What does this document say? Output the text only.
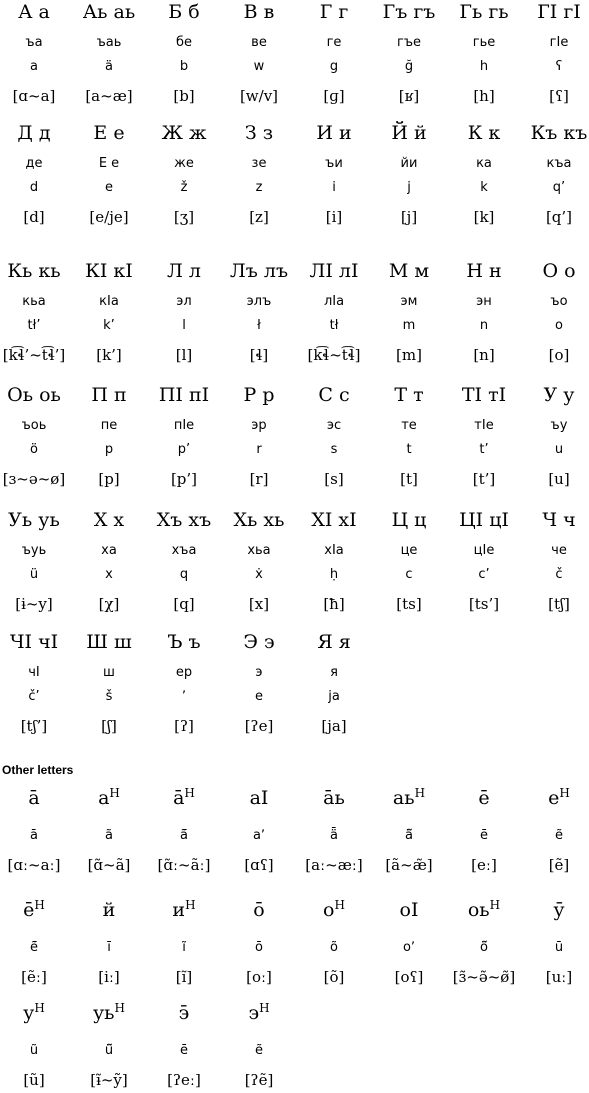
А а
ъа
a
[ɑ~a]
Аь аь
ъаь
ä
[a~æ]
Б б
бе
b
[b]
В в
ве
w
[w/v]
Г г
ге
g
[ɡ]
Гъ гъ
гъе
ğ
[ʁ]
Гь гь
гье
h
[h]
ГӀ гӀ
гӀе
ʕ
[ʕ]
Д д
де
d
[d]
Е е
Е е
e
[e/je]
Ж ж
же
ž
[ʒ]
З з
зе
z
[z]
И и
ъи
i
[i]
Й й
йи
j
[j]
К к
ка
k
[k]
Къ къ
къа
q’
[q’]
Кь кь
кьа
tł’
[k͡ɬ’~t͡ɬ’]
КӀ кӀ
кӀа
k’
[k’]
Л л
эл
l
[l]
Лъ лъ
элъ
ł
[ɬ]
ЛӀ лӀ
лӀа
tł
[k͡ɬ~t͡ɬ]
М м
эм
m
[m]
Н н
эн
n
[n]
О о
ъо
o
[o]
Оь оь
ъоь
ö
[ɜ~ə~ø]
П п
пе
p
[p]
ПӀ пӀ
пӀе
p’
[p’]
Р р
эр
r
[r]
С с
эс
s
[s]
Т т
те
t
[t]
ТӀ тӀ
тӀе
t’
[t’]
У у
ъу
u
[u]
Уь уь
ъуь
ü
[ɨ~y]
Х х
ха
x
[χ]
Хъ хъ
хъа
q
[q]
Хь хь
хьа
ẋ
[x]
ХӀ хӀ
хӀа
ḥ
[ħ]
Ц ц
це
c
[ts]
ЦӀ цӀ
цӀе
c’
[ts’]
Ч ч
че
č
[tʃ]
ЧӀ чӀ
чӀ
č’
[tʃ’]
Ш ш
ш
š
[ʃ]
Ъ ъ
ер
ʼ
[ʔ]
Э э
э
e
[ʔe]
Я я
я
ja
[ja]
Other letters
ā
ā
[ɑː~aː]
$а^Н$
ã
[ɑ̃~ã]
$ā^Н$
ã̄
[ɑ̃ː~ãː]
аI
aʼ
[ɑʕ]
āь
ǟ
[aː~æː]
$аь^Н$
ä̃
[ã~æ̃]
ē
ē
[eː]
$е^Н$
ẽ
[ẽ]
$ē^Н$
ẽ̄
[ẽː]
й
ī
[iː]
$и^Н$
ĩ
[ĩ]
ō
ō
[oː]
$о^Н$
õ
[õ]
оI
oʼ
[oʕ]
$оь^Н$
ö̃
[ɜ̃~ə̃~ø̃]
ӯ
ū
[uː]
$у^Н$
ũ
[ũ]
$уь^Н$
ü̃
[ɨ̃~ỹ]
э̄
ē
[ʔeː]
$э^Н$
ẽ
[ʔẽ]
